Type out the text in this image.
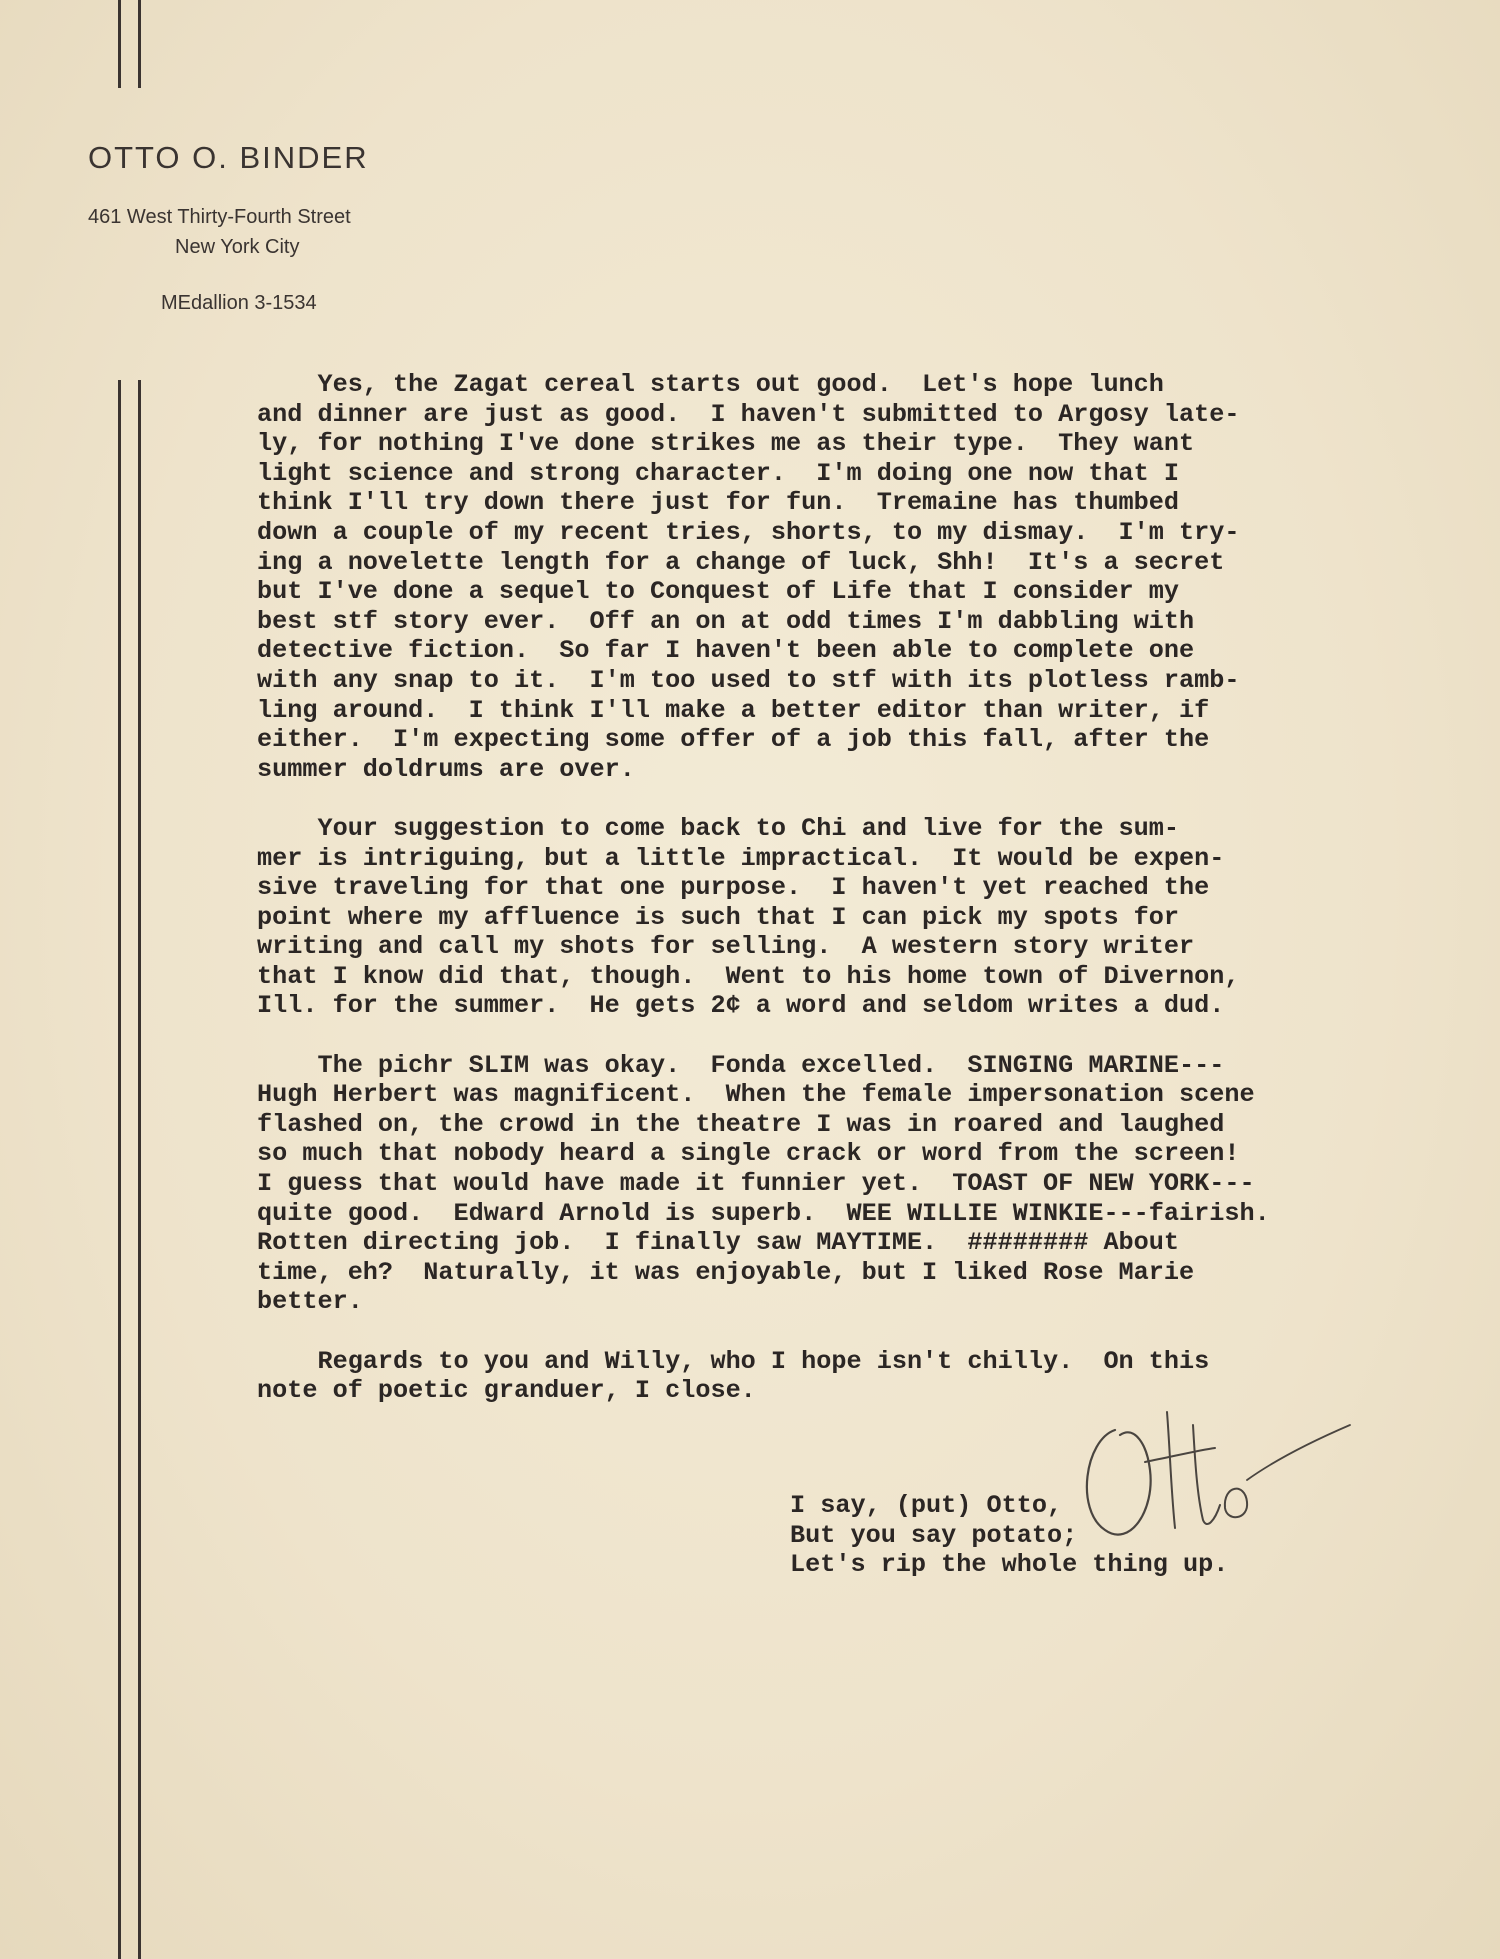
OTTO O. BINDER
461 West Thirty-Fourth Street
New York City
MEdallion 3-1534
Yes, the Zagat cereal starts out good.  Let's hope lunch
and dinner are just as good.  I haven't submitted to Argosy late-
ly, for nothing I've done strikes me as their type.  They want
light science and strong character.  I'm doing one now that I
think I'll try down there just for fun.  Tremaine has thumbed
down a couple of my recent tries, shorts, to my dismay.  I'm try-
ing a novelette length for a change of luck, Shh!  It's a secret
but I've done a sequel to Conquest of Life that I consider my
best stf story ever.  Off an on at odd times I'm dabbling with
detective fiction.  So far I haven't been able to complete one
with any snap to it.  I'm too used to stf with its plotless ramb-
ling around.  I think I'll make a better editor than writer, if
either.  I'm expecting some offer of a job this fall, after the
summer doldrums are over.
Your suggestion to come back to Chi and live for the sum-
mer is intriguing, but a little impractical.  It would be expen-
sive traveling for that one purpose.  I haven't yet reached the
point where my affluence is such that I can pick my spots for
writing and call my shots for selling.  A western story writer
that I know did that, though.  Went to his home town of Divernon,
Ill. for the summer.  He gets 2¢ a word and seldom writes a dud.
The pichr SLIM was okay.  Fonda excelled.  SINGING MARINE---
Hugh Herbert was magnificent.  When the female impersonation scene
flashed on, the crowd in the theatre I was in roared and laughed
so much that nobody heard a single crack or word from the screen!
I guess that would have made it funnier yet.  TOAST OF NEW YORK---
quite good.  Edward Arnold is superb.  WEE WILLIE WINKIE---fairish.
Rotten directing job.  I finally saw MAYTIME.  ######## About
time, eh?  Naturally, it was enjoyable, but I liked Rose Marie
better.
Regards to you and Willy, who I hope isn't chilly.  On this
note of poetic granduer, I close.
I say, (put) Otto,
But you say potato;
Let's rip the whole thing up.
